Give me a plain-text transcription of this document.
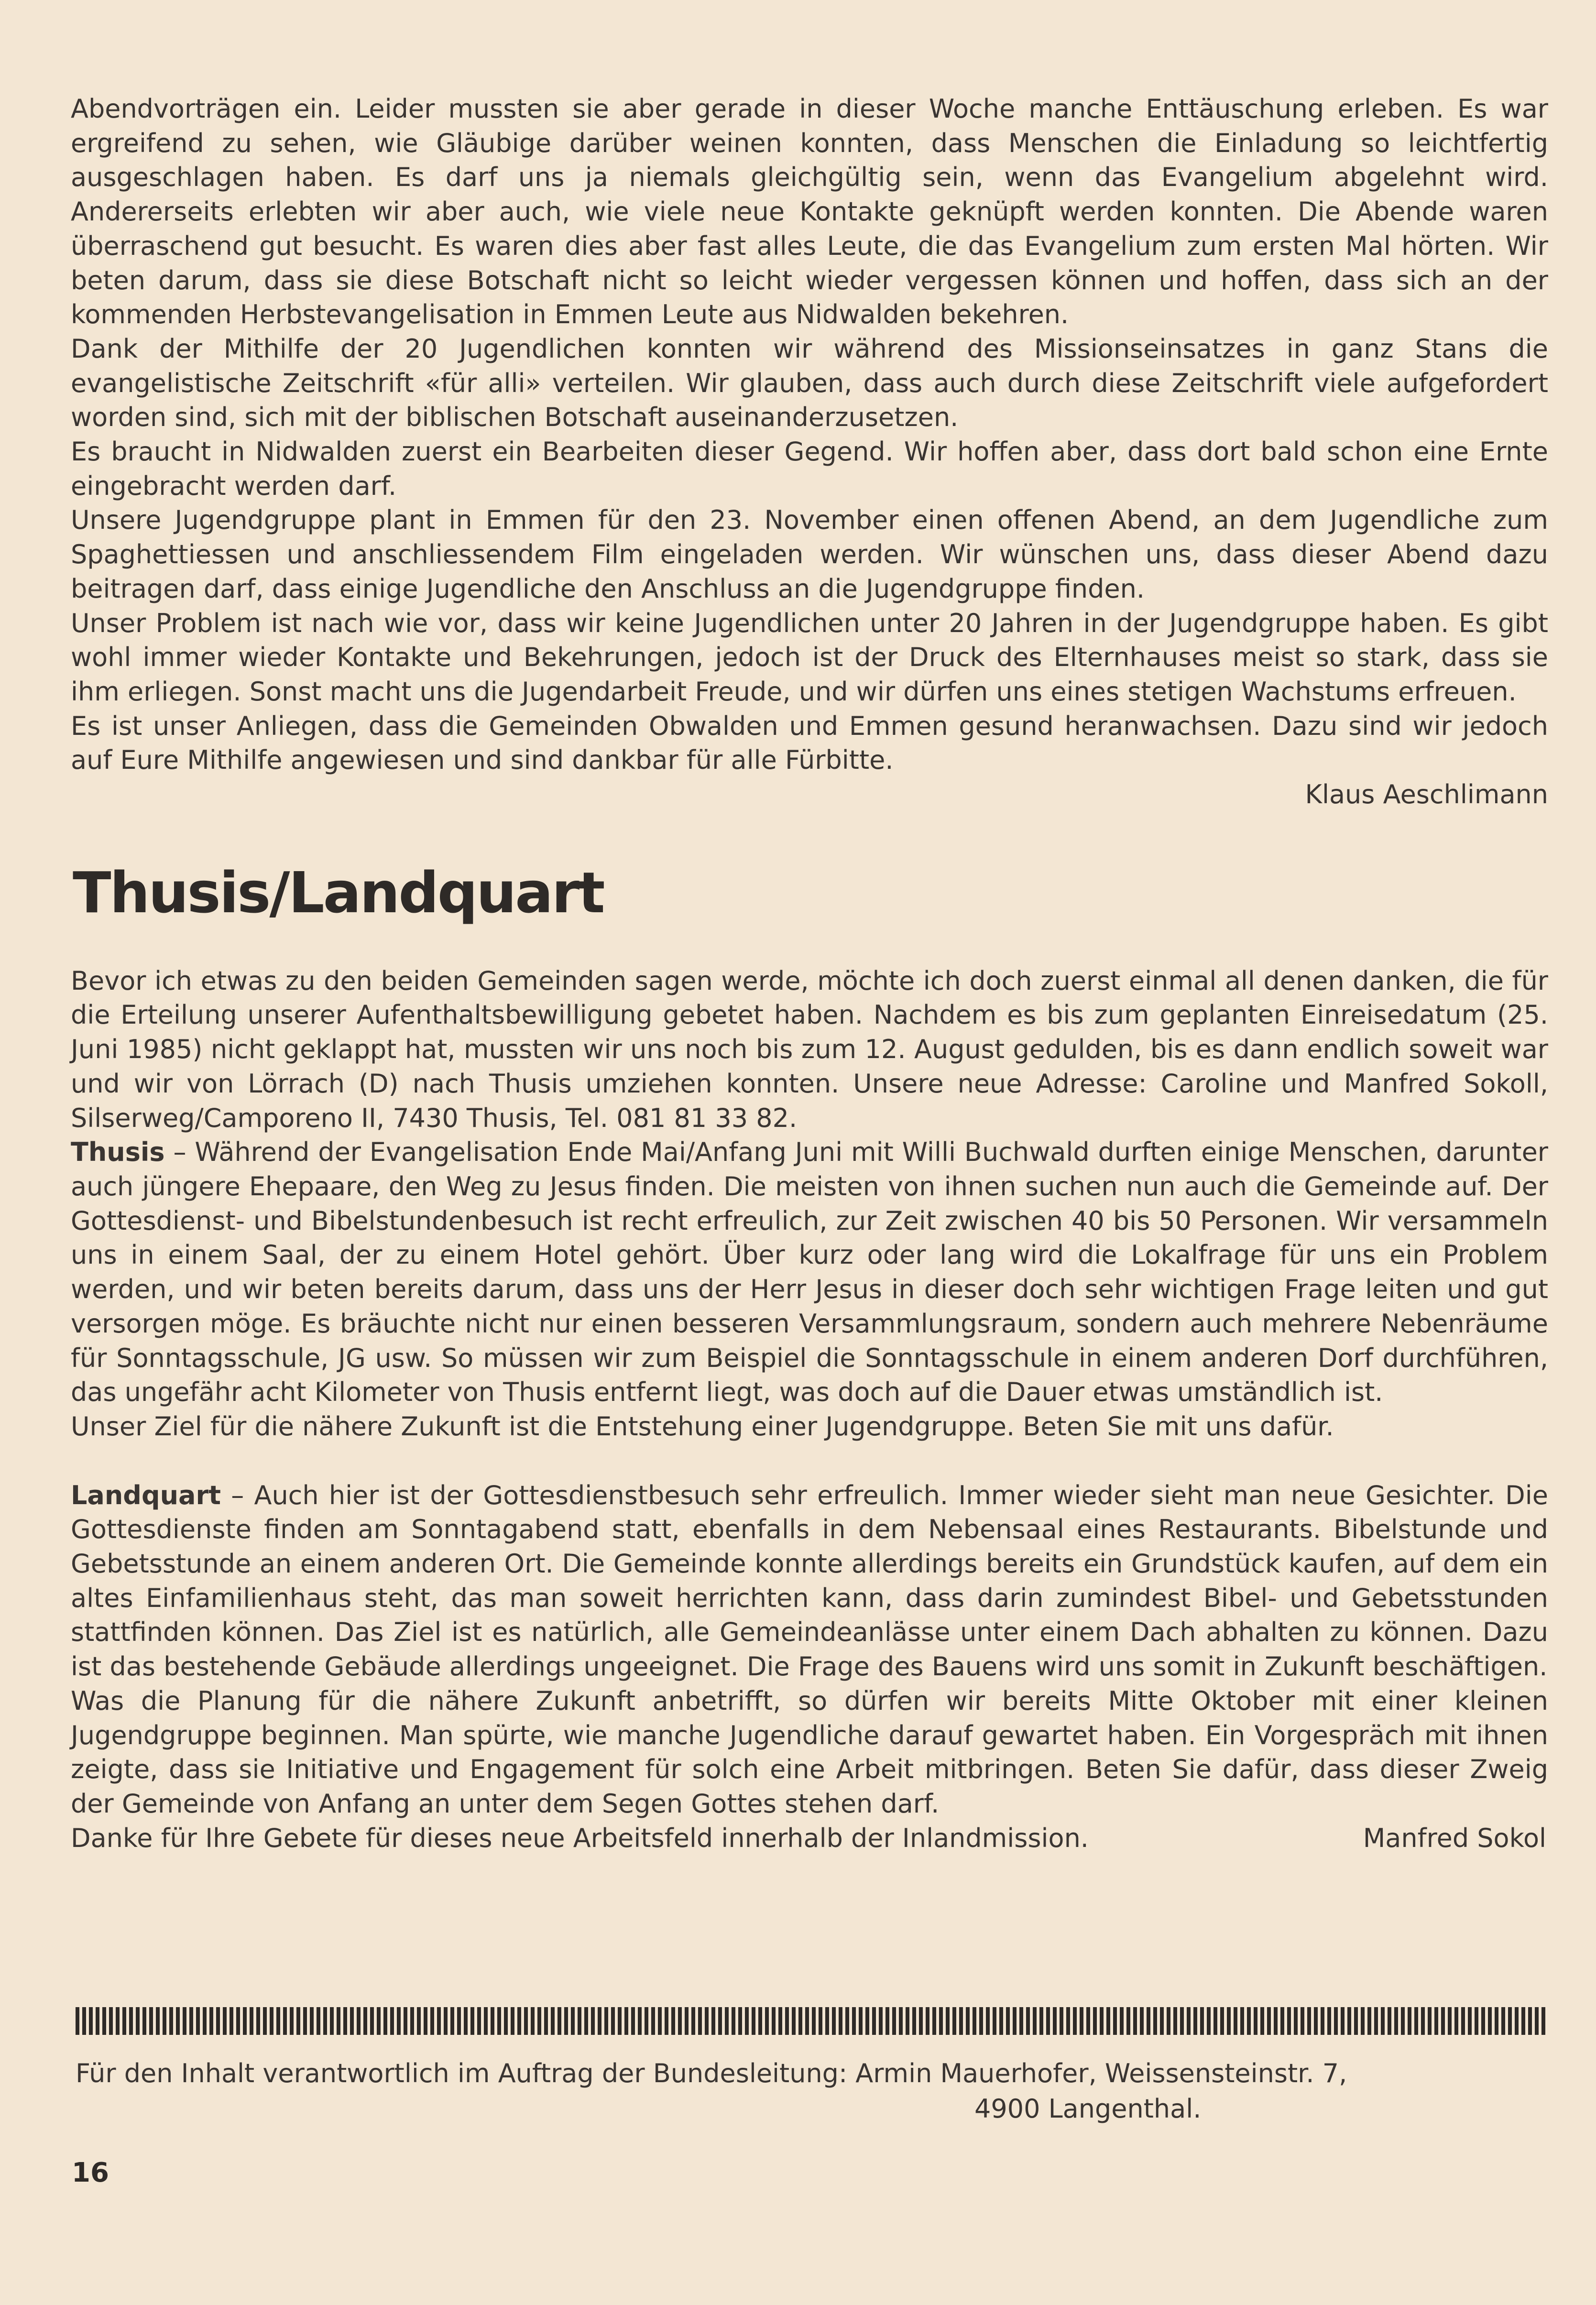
Abendvorträgen ein. Leider mussten sie aber gerade in dieser Woche manche Enttäuschung erleben. Es war ergreifend zu sehen, wie Gläubige darüber weinen konnten, dass Menschen die Einladung so leichtfertig ausgeschlagen haben. Es darf uns ja niemals gleichgültig sein, wenn das Evangelium abgelehnt wird. Andererseits erlebten wir aber auch, wie viele neue Kontakte geknüpft werden konnten. Die Abende waren überraschend gut besucht. Es waren dies aber fast alles Leute, die das Evangelium zum ersten Mal hörten. Wir beten darum, dass sie diese Botschaft nicht so leicht wieder vergessen können und hoffen, dass sich an der kommenden Herbstevangelisation in Emmen Leute aus Nidwalden bekehren.

Dank der Mithilfe der 20 Jugendlichen konnten wir während des Missionseinsatzes in ganz Stans die evangelistische Zeitschrift «für alli» verteilen. Wir glauben, dass auch durch diese Zeitschrift viele aufgefordert worden sind, sich mit der biblischen Botschaft auseinanderzusetzen.

Es braucht in Nidwalden zuerst ein Bearbeiten dieser Gegend. Wir hoffen aber, dass dort bald schon eine Ernte eingebracht werden darf.

Unsere Jugendgruppe plant in Emmen für den 23. November einen offenen Abend, an dem Jugendliche zum Spaghettiessen und anschliessendem Film eingeladen werden. Wir wünschen uns, dass dieser Abend dazu beitragen darf, dass einige Jugendliche den Anschluss an die Jugendgruppe finden.

Unser Problem ist nach wie vor, dass wir keine Jugendlichen unter 20 Jahren in der Jugendgruppe haben. Es gibt wohl immer wieder Kontakte und Bekehrungen, jedoch ist der Druck des Elternhauses meist so stark, dass sie ihm erliegen. Sonst macht uns die Jugendarbeit Freude, und wir dürfen uns eines stetigen Wachstums erfreuen.

Es ist unser Anliegen, dass die Gemeinden Obwalden und Emmen gesund heranwachsen. Dazu sind wir jedoch auf Eure Mithilfe angewiesen und sind dankbar für alle Fürbitte.

Klaus Aeschlimann

Thusis/Landquart

Bevor ich etwas zu den beiden Gemeinden sagen werde, möchte ich doch zuerst einmal all denen danken, die für die Erteilung unserer Aufenthaltsbewilligung gebetet haben. Nachdem es bis zum geplanten Einreisedatum (25. Juni 1985) nicht geklappt hat, mussten wir uns noch bis zum 12. August gedulden, bis es dann endlich soweit war und wir von Lörrach (D) nach Thusis umziehen konnten. Unsere neue Adresse: Caroline und Manfred Sokoll, Silserweg/Camporeno II, 7430 Thusis, Tel. 081 81 33 82.

Thusis – Während der Evangelisation Ende Mai/Anfang Juni mit Willi Buchwald durften einige Menschen, darunter auch jüngere Ehepaare, den Weg zu Jesus finden. Die meisten von ihnen suchen nun auch die Gemeinde auf. Der Gottesdienst- und Bibelstundenbesuch ist recht erfreulich, zur Zeit zwischen 40 bis 50 Personen. Wir versammeln uns in einem Saal, der zu einem Hotel gehört. Über kurz oder lang wird die Lokalfrage für uns ein Problem werden, und wir beten bereits darum, dass uns der Herr Jesus in dieser doch sehr wichtigen Frage leiten und gut versorgen möge. Es bräuchte nicht nur einen besseren Versammlungsraum, sondern auch mehrere Nebenräume für Sonntagsschule, JG usw. So müssen wir zum Beispiel die Sonntagsschule in einem anderen Dorf durchführen, das ungefähr acht Kilometer von Thusis entfernt liegt, was doch auf die Dauer etwas umständlich ist.

Unser Ziel für die nähere Zukunft ist die Entstehung einer Jugendgruppe. Beten Sie mit uns dafür.

Landquart – Auch hier ist der Gottesdienstbesuch sehr erfreulich. Immer wieder sieht man neue Gesichter. Die Gottesdienste finden am Sonntagabend statt, ebenfalls in dem Nebensaal eines Restaurants. Bibelstunde und Gebetsstunde an einem anderen Ort. Die Gemeinde konnte allerdings bereits ein Grundstück kaufen, auf dem ein altes Einfamilienhaus steht, das man soweit herrichten kann, dass darin zumindest Bibel- und Gebetsstunden stattfinden können. Das Ziel ist es natürlich, alle Gemeindeanlässe unter einem Dach abhalten zu können. Dazu ist das bestehende Gebäude allerdings ungeeignet. Die Frage des Bauens wird uns somit in Zukunft beschäftigen.

Was die Planung für die nähere Zukunft anbetrifft, so dürfen wir bereits Mitte Oktober mit einer kleinen Jugendgruppe beginnen. Man spürte, wie manche Jugendliche darauf gewartet haben. Ein Vorgespräch mit ihnen zeigte, dass sie Initiative und Engagement für solch eine Arbeit mitbringen. Beten Sie dafür, dass dieser Zweig der Gemeinde von Anfang an unter dem Segen Gottes stehen darf.

Danke für Ihre Gebete für dieses neue Arbeitsfeld innerhalb der Inlandmission.	Manfred Sokol
Für den Inhalt verantwortlich im Auftrag der Bundesleitung: Armin Mauerhofer, Weissensteinstr. 7,
4900 Langenthal.
16
